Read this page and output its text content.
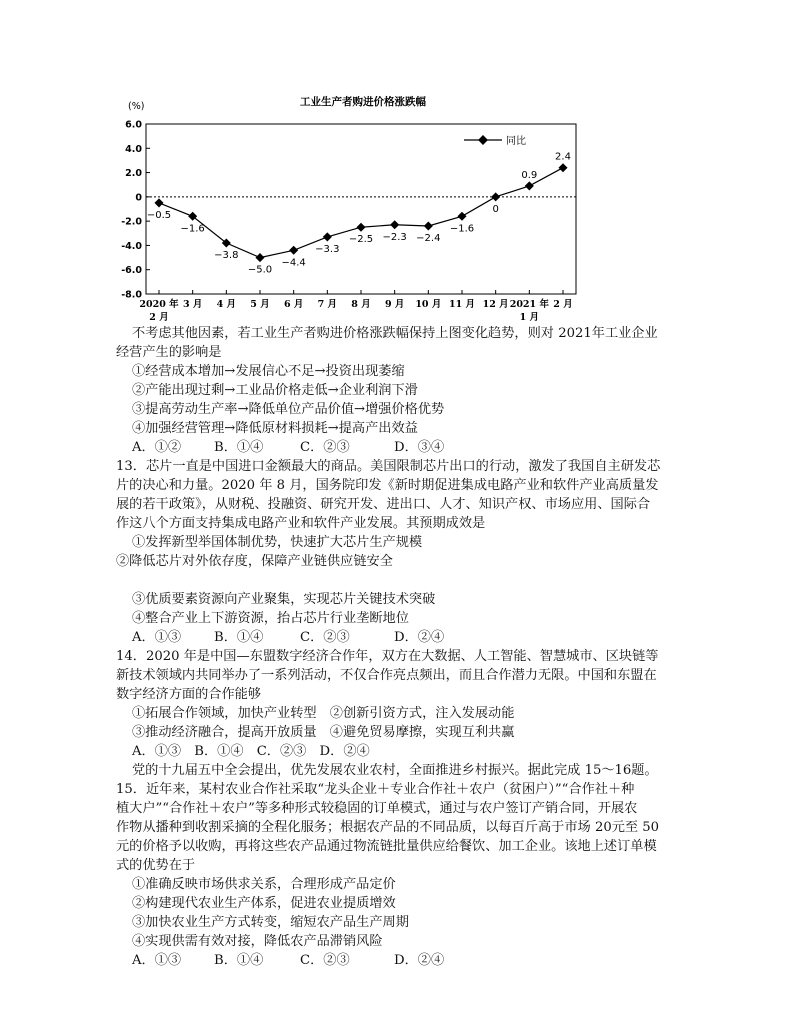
工业生产者购进价格涨跌幅
(%)
6.0
4.0
2.0
0
-2.0
-4.0
-6.0
-8.0
−0.5
−1.6
−3.8
−5.0
−4.4
−3.3
−2.5 −2.3 −2.4
−1.6
0
0.9
2.4
2020 年
2 月
3 月 4 月 5 月 6 月 7 月 8 月 9 月 10 月 11 月 12 月 2021 年
1 月
2 月
同比
不考虑其他因素，若工业生产者购进价格涨跌幅保持上图变化趋势，则对 2021年工业企业
经营产生的影响是
①经营成本增加→发展信心不足→投资出现萎缩
②产能出现过剩→工业品价格走低→企业利润下滑
③提高劳动生产率→降低单位产品价值→增强价格优势
④加强经营管理→降低原材料损耗→提高产出效益
A．①② B．①④	C．②③	D．③④
13．芯片一直是中国进口金额最大的商品。美国限制芯片出口的行动，激发了我国自主研发芯
片的决心和力量。2020 年 8 月，国务院印发《新时期促进集成电路产业和软件产业高质量发
展的若干政策》，从财税、投融资、研究开发、进出口、人才、知识产权、市场应用、国际合
作这八个方面支持集成电路产业和软件产业发展。其预期成效是
①发挥新型举国体制优势，快速扩大芯片生产规模
②降低芯片对外依存度，保障产业链供应链安全
③优质要素资源向产业聚集，实现芯片关键技术突破
④整合产业上下游资源，抬占芯片行业垄断地位
A．①③ B．①④	C．②③	D．②④
14．2020 年是中国—东盟数字经济合作年，双方在大数据、人工智能、智慧城市、区块链等
新技术领域内共同举办了一系列活动，不仅合作亮点频出，而且合作潜力无限。中国和东盟在
数字经济方面的合作能够
①拓展合作领域，加快产业转型　②创新引资方式，注入发展动能
③推动经济融合，提高开放质量　④避免贸易摩擦，实现互利共赢
A．①③　B．①④　C．②③　D．②④
党的十九届五中全会提出，优先发展农业农村，全面推进乡村振兴。据此完成 15～16题。
15．近年来，某村农业合作社采取“龙头企业＋专业合作社＋农户（贫困户）”“合作社＋种
植大户”“合作社＋农户”等多种形式较稳固的订单模式，通过与农户签订产销合同，开展农
作物从播种到收割采摘的全程化服务；根据农产品的不同品质，以每百斤高于市场 20元至 50
元的价格予以收购，再将这些农产品通过物流链批量供应给餐饮、加工企业。该地上述订单模
式的优势在于
①准确反映市场供求关系，合理形成产品定价
②构建现代农业生产体系，促进农业提质增效
③加快农业生产方式转变，缩短农产品生产周期
④实现供需有效对接，降低农产品滞销风险
A．①③ B．①④	C．②③	D．②④
